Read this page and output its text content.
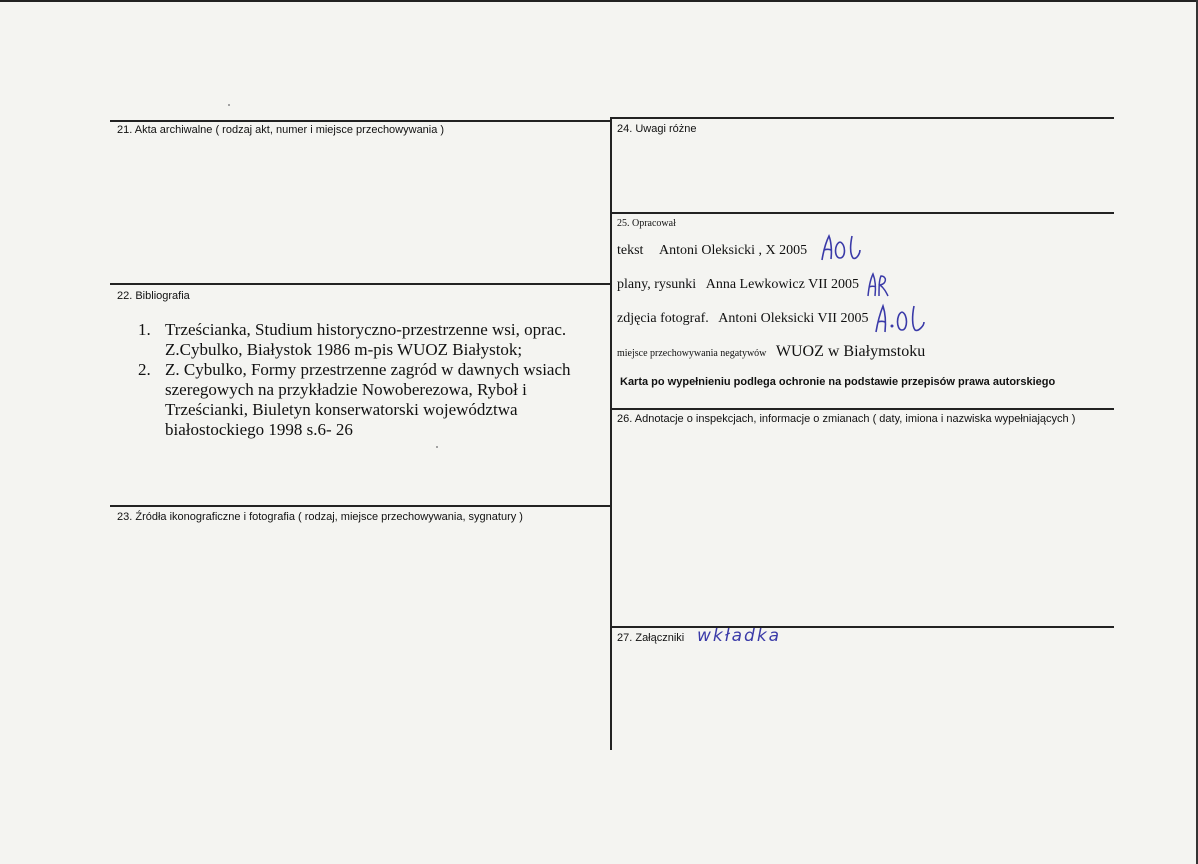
21. Akta archiwalne ( rodzaj akt, numer i miejsce przechowywania )
22. Bibliografia
1. Trześcianka, Studium historyczno-przestrzenne wsi, oprac.
Z.Cybulko, Białystok 1986 m-pis WUOZ Białystok;
2. Z. Cybulko, Formy przestrzenne zagród w dawnych wsiach
szeregowych na przykładzie Nowoberezowa, Ryboł i
Trześcianki, Biuletyn konserwatorski województwa
białostockiego 1998 s.6- 26
23. Źródła ikonograficzne i fotografia ( rodzaj, miejsce przechowywania, sygnatury )
24. Uwagi różne
25. Opracował
tekst Antoni Oleksicki , X 2005
plany, rysunki Anna Lewkowicz VII 2005
zdjęcia fotograf. Antoni Oleksicki VII 2005
miejsce przechowywania negatywów WUOZ w Białymstoku
Karta po wypełnieniu podlega ochronie na podstawie przepisów prawa autorskiego
26. Adnotacje o inspekcjach, informacje o zmianach ( daty, imiona i nazwiska wypełniających )
27. Załączniki wkładka
